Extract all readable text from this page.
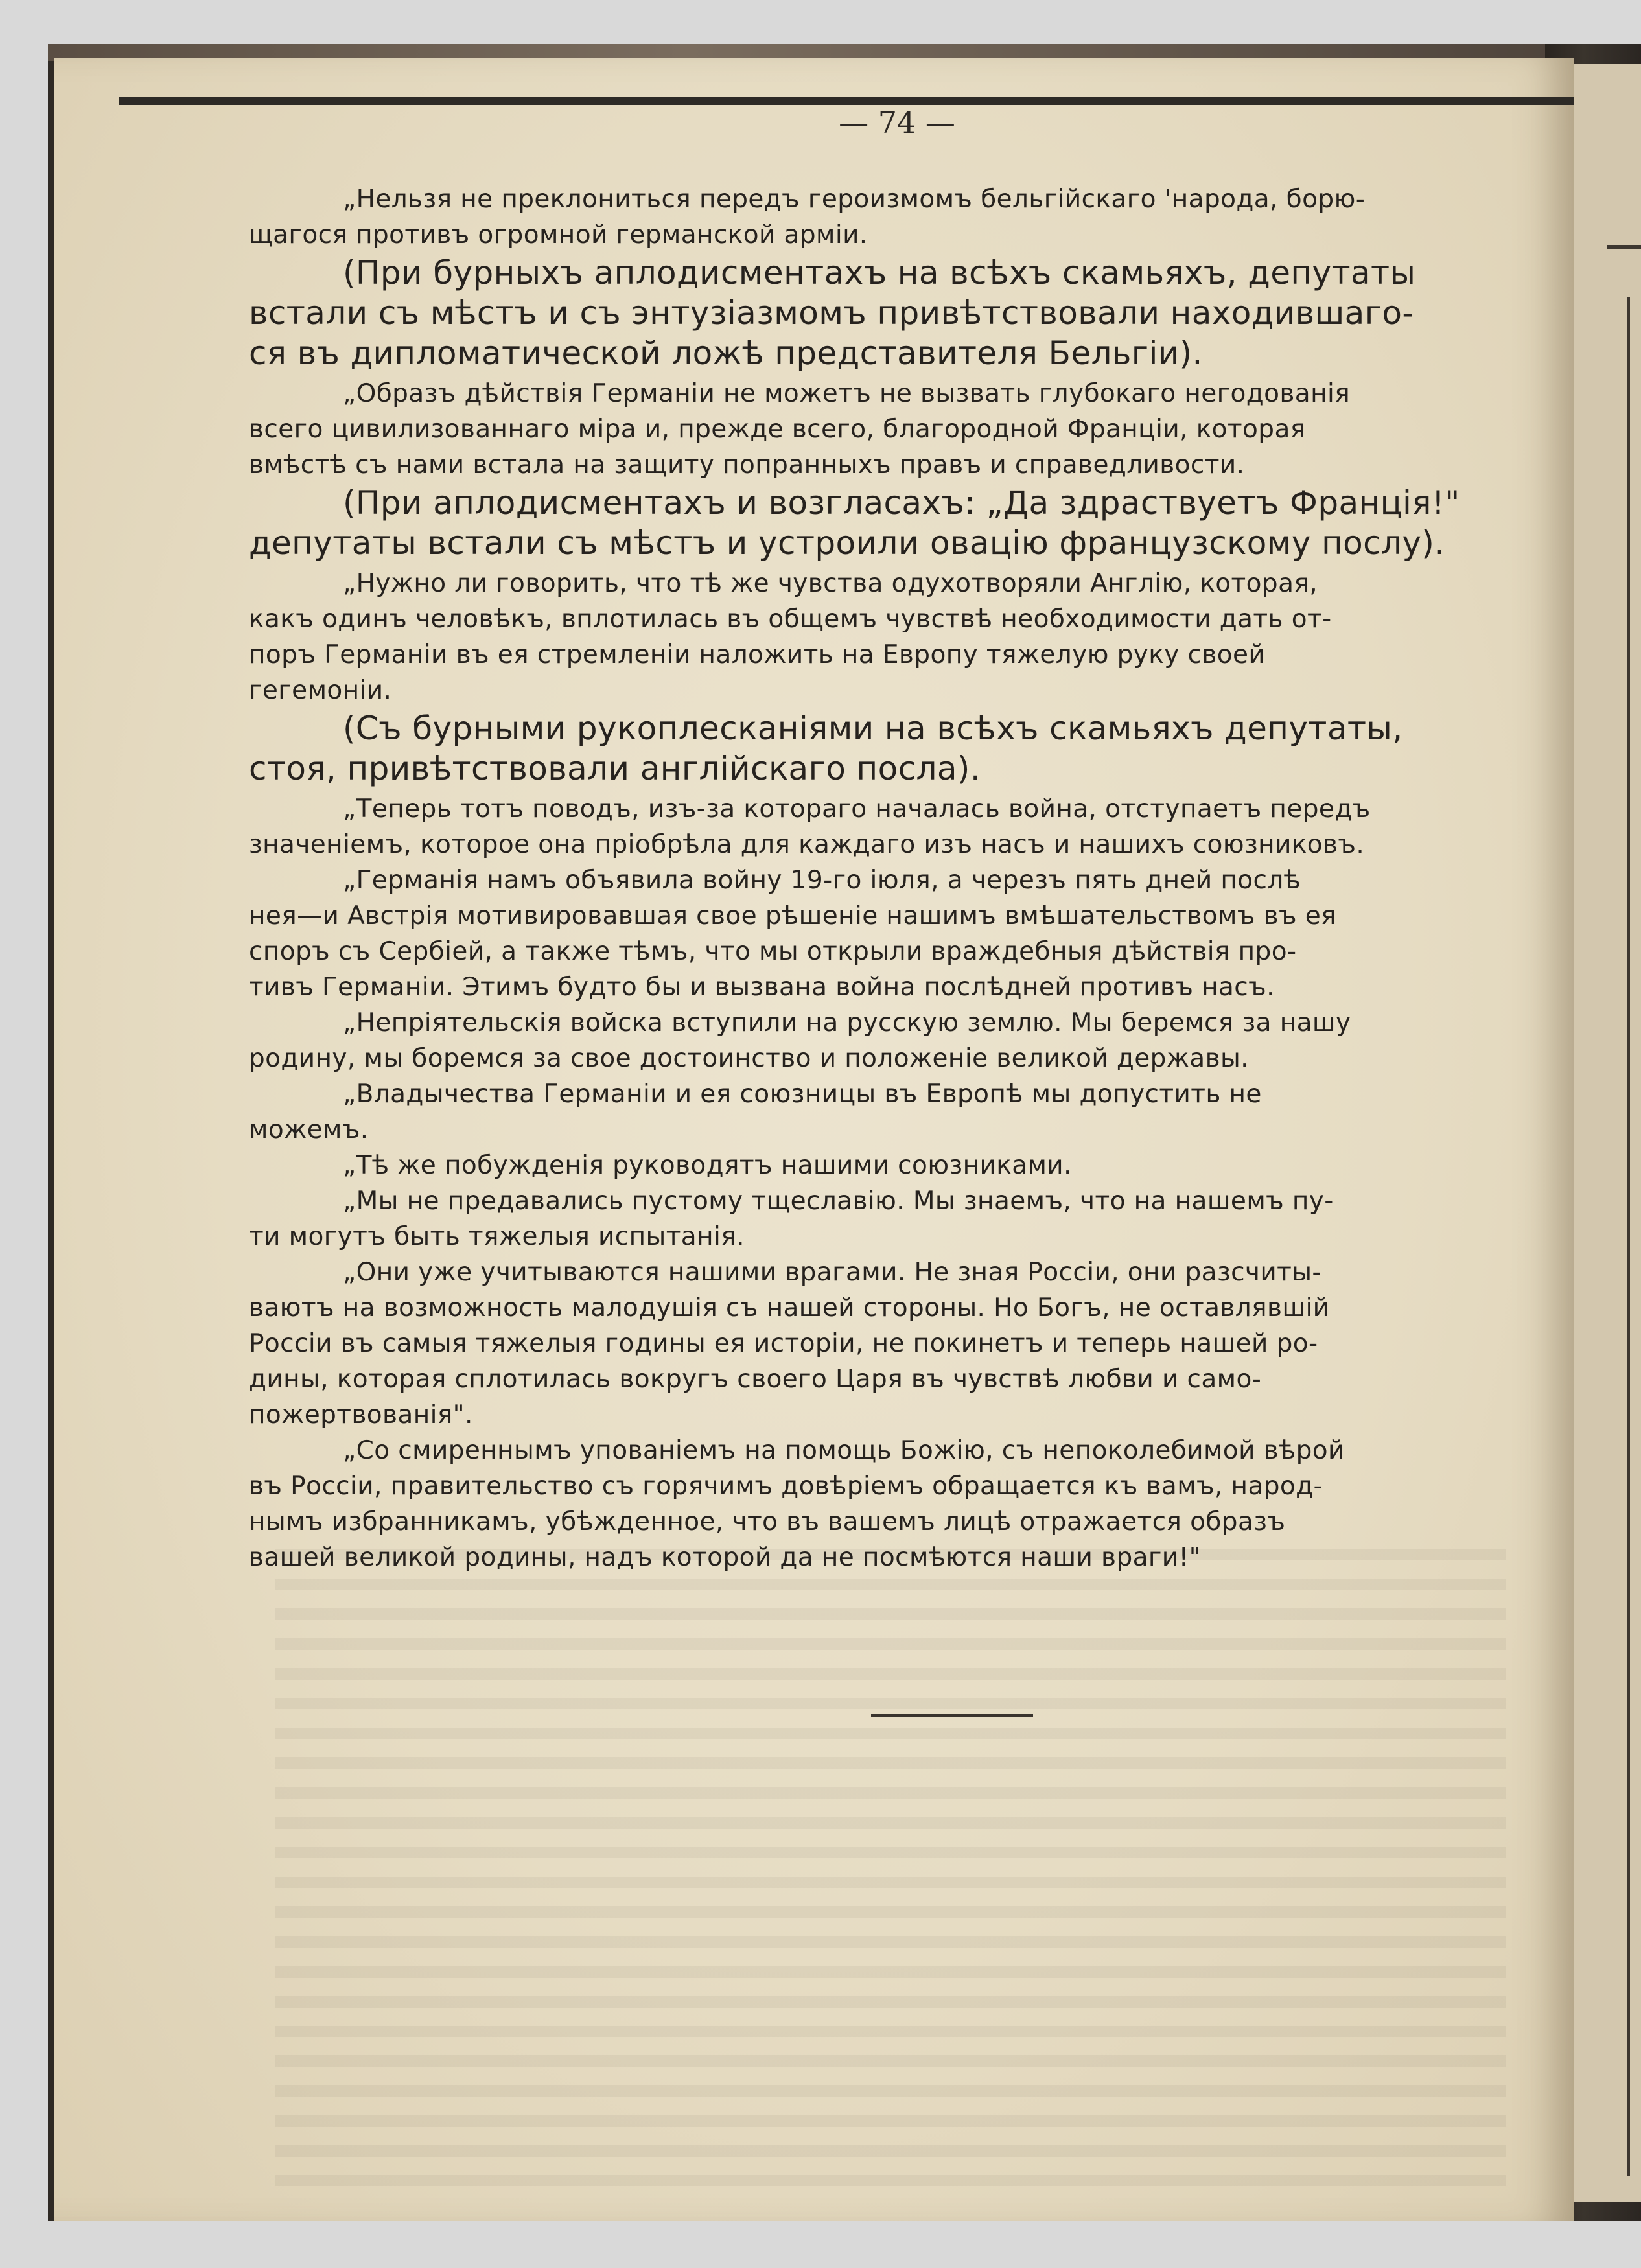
— 74 —
„Нельзя не преклониться передъ героизмомъ бельгійскаго 'народа, борю-
щагося противъ огромной германской арміи.
(При бурныхъ аплодисментахъ на всѣхъ скамьяхъ, депутаты
встали съ мѣстъ и съ энтузіазмомъ привѣтствовали находившаго-
ся въ дипломатической ложѣ представителя Бельгіи).
„Образъ дѣйствія Германіи не можетъ не вызвать глубокаго негодованія
всего цивилизованнаго міра и, прежде всего, благородной Франціи, которая
вмѣстѣ съ нами встала на защиту попранныхъ правъ и справедливости.
(При аплодисментахъ и возгласахъ: „Да здраствуетъ Франція!"
депутаты встали съ мѣстъ и устроили овацію французскому послу).
„Нужно ли говорить, что тѣ же чувства одухотворяли Англію, которая,
какъ одинъ человѣкъ, вплотилась въ общемъ чувствѣ необходимости дать от-
поръ Германіи въ ея стремленіи наложить на Европу тяжелую руку своей
гегемоніи.
(Съ бурными рукоплесканіями на всѣхъ скамьяхъ депутаты,
стоя, привѣтствовали англійскаго посла).
„Теперь тотъ поводъ, изъ-за котораго началась война, отступаетъ передъ
значеніемъ, которое она пріобрѣла для каждаго изъ насъ и нашихъ союзниковъ.
„Германія намъ объявила войну 19-го іюля, а черезъ пять дней послѣ
нея—и Австрія мотивировавшая свое рѣшеніе нашимъ вмѣшательствомъ въ ея
споръ съ Сербіей, а также тѣмъ, что мы открыли враждебныя дѣйствія про-
тивъ Германіи. Этимъ будто бы и вызвана война послѣдней противъ насъ.
„Непріятельскія войска вступили на русскую землю. Мы беремся за нашу
родину, мы боремся за свое достоинство и положеніе великой державы.
„Владычества Германіи и ея союзницы въ Европѣ мы допустить не
можемъ.
„Тѣ же побужденія руководятъ нашими союзниками.
„Мы не предавались пустому тщеславію. Мы знаемъ, что на нашемъ пу-
ти могутъ быть тяжелыя испытанія.
„Они уже учитываются нашими врагами. Не зная Россіи, они разсчиты-
ваютъ на возможность малодушія съ нашей стороны. Но Богъ, не оставлявшій
Россіи въ самыя тяжелыя годины ея исторіи, не покинетъ и теперь нашей ро-
дины, которая сплотилась вокругъ своего Царя въ чувствѣ любви и само-
пожертвованія".
„Со смиреннымъ упованіемъ на помощь Божію, съ непоколебимой вѣрой
въ Россіи, правительство съ горячимъ довѣріемъ обращается къ вамъ, народ-
нымъ избранникамъ, убѣжденное, что въ вашемъ лицѣ отражается образъ
вашей великой родины, надъ которой да не посмѣются наши враги!"
